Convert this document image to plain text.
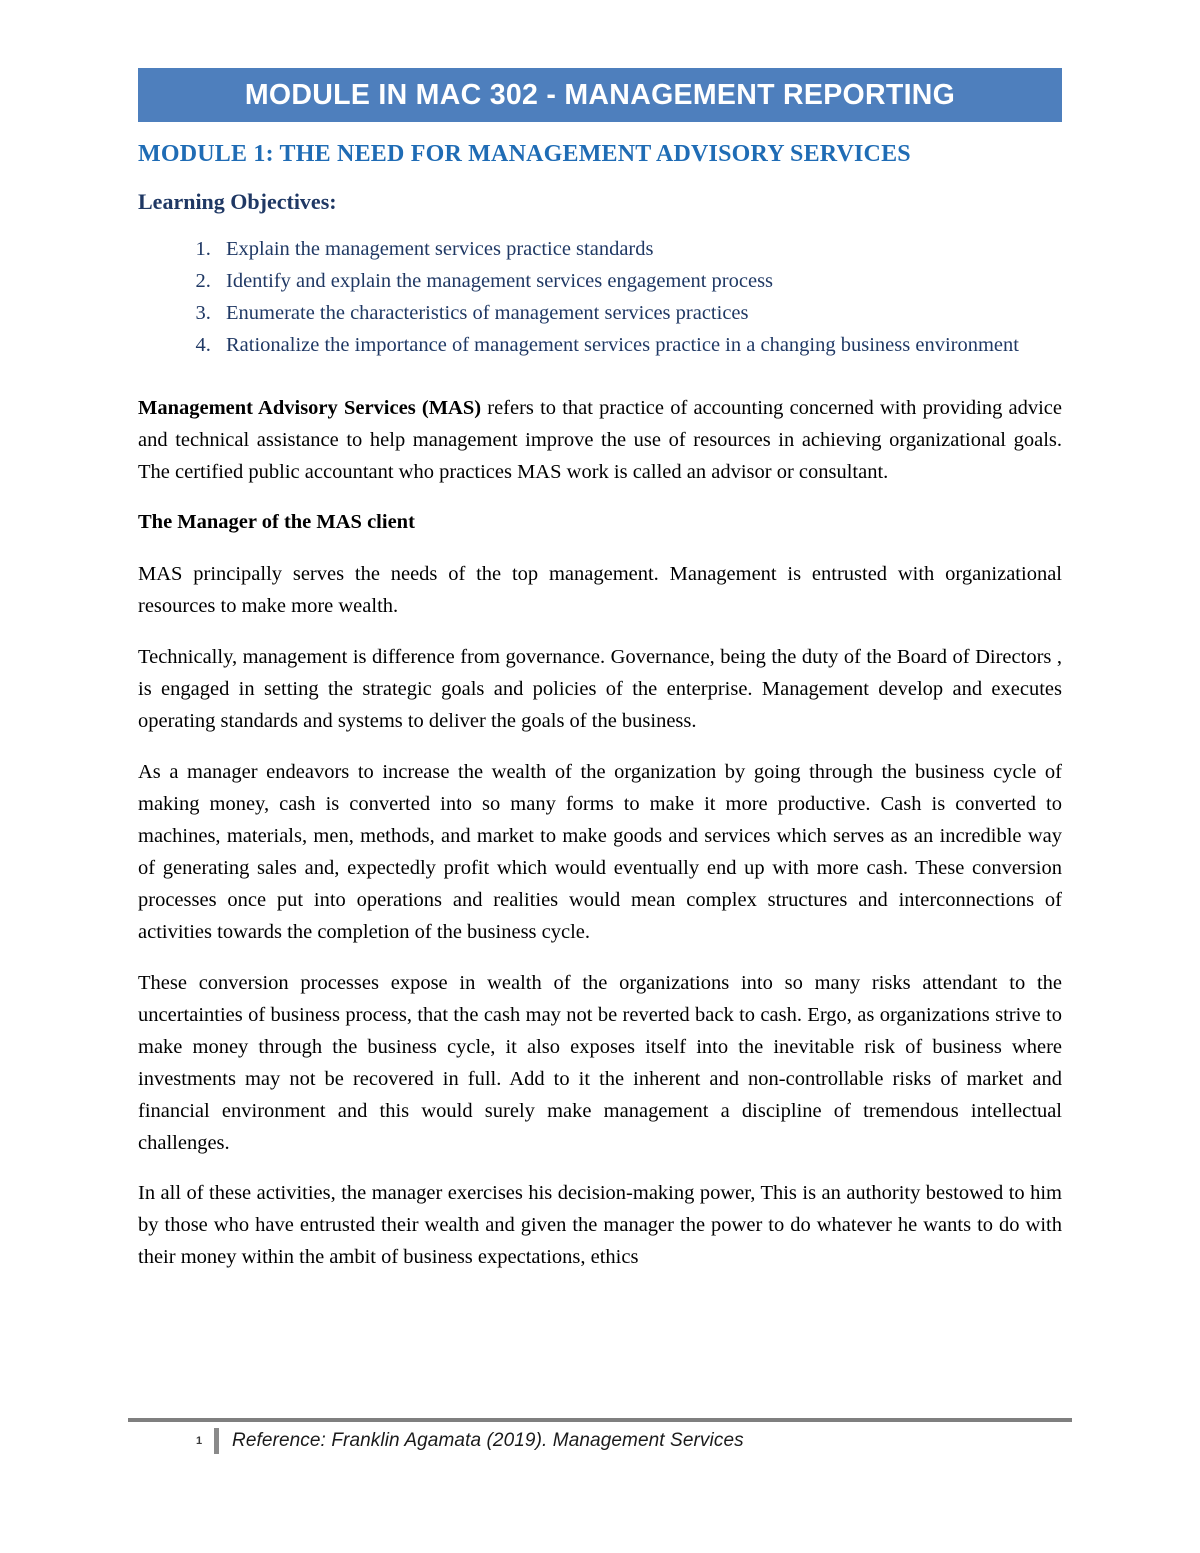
MODULE IN MAC 302 - MANAGEMENT REPORTING
MODULE 1: THE NEED FOR MANAGEMENT ADVISORY SERVICES
Learning Objectives:
1. Explain the management services practice standards
2. Identify and explain the management services engagement process
3. Enumerate the characteristics of management services practices
4. Rationalize the importance of management services practice in a changing business environment

Management Advisory Services (MAS) refers to that practice of accounting concerned with providing advice and technical assistance to help management improve the use of resources in achieving organizational goals. The certified public accountant who practices MAS work is called an advisor or consultant.

The Manager of the MAS client

MAS principally serves the needs of the top management. Management is entrusted with organizational resources to make more wealth.

Technically, management is difference from governance. Governance, being the duty of the Board of Directors , is engaged in setting the strategic goals and policies of the enterprise. Management develop and executes operating standards and systems to deliver the goals of the business.

As a manager endeavors to increase the wealth of the organization by going through the business cycle of making money, cash is converted into so many forms to make it more productive. Cash is converted to machines, materials, men, methods, and market to make goods and services which serves as an incredible way of generating sales and, expectedly profit which would eventually end up with more cash. These conversion processes once put into operations and realities would mean complex structures and interconnections of activities towards the completion of the business cycle.

These conversion processes expose in wealth of the organizations into so many risks attendant to the uncertainties of business process, that the cash may not be reverted back to cash. Ergo, as organizations strive to make money through the business cycle, it also exposes itself into the inevitable risk of business where investments may not be recovered in full. Add to it the inherent and non-controllable risks of market and financial environment and this would surely make management a discipline of tremendous intellectual challenges.

In all of these activities, the manager exercises his decision-making power, This is an authority bestowed to him by those who have entrusted their wealth and given the manager the power to do whatever he wants to do with their money within the ambit of business expectations, ethics

1	Reference: Franklin Agamata (2019). Management Services
